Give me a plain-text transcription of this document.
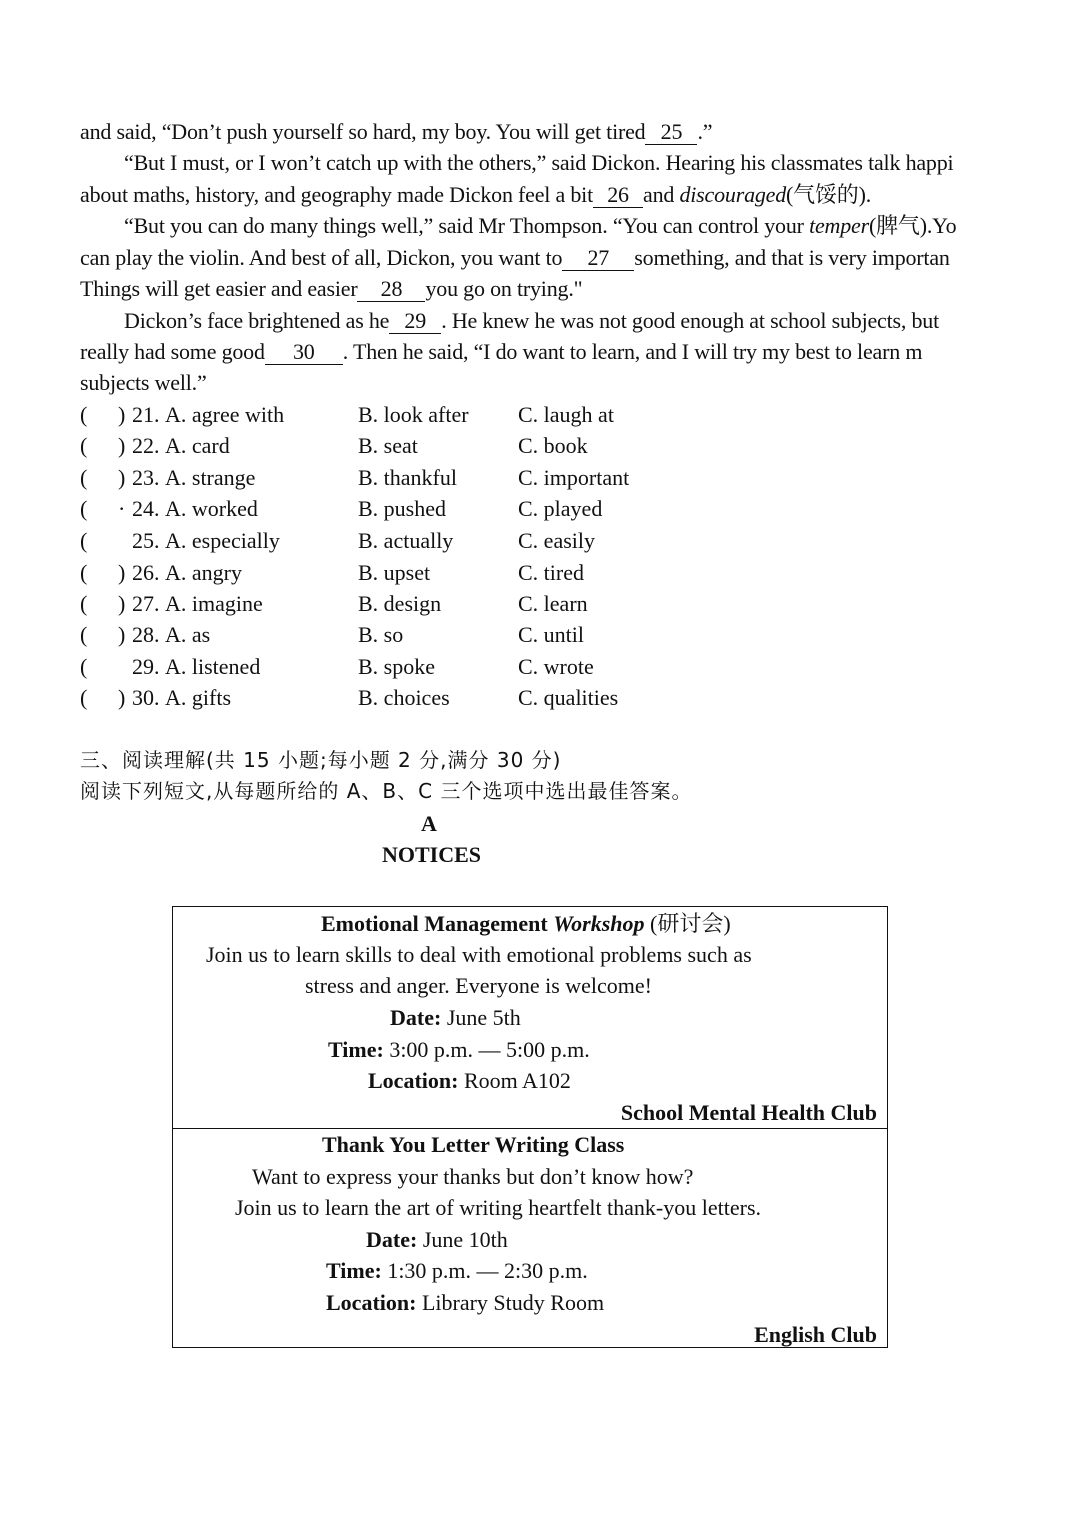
and said, “Don’t push yourself so hard, my boy. You will get tired 25 .”
“But I must, or I won’t catch up with the others,” said Dickon. Hearing his classmates talk happi
about maths, history, and geography made Dickon feel a bit 26 and discouraged(气馁的).
“But you can do many things well,” said Mr Thompson. “You can control your temper(脾气).Yo
can play the violin. And best of all, Dickon, you want to 27 something, and that is very importan
Things will get easier and easier 28 you go on trying."
Dickon’s face brightened as he 29 . He knew he was not good enough at school subjects, but
really had some good 30 . Then he said, “I do want to learn, and I will try my best to learn m
subjects well.”
( ) 21. A. agree with	B. look after C. laugh at
( ) 22. A. card	B. seat	C. book
( ) 23. A. strange	B. thankful	C. important
( · 24. A. worked	B. pushed	C. played
( 25. A. especially	B. actually	C. easily
( ) 26. A. angry	B. upset	C. tired
( ) 27. A. imagine	B. design	C. learn
( ) 28. A. as	B. so	C. until
( 29. A. listened	B. spoke	C. wrote
( ) 30. A. gifts	B. choices	C. qualities
三、阅读理解(共 15 小题;每小题 2 分,满分 30 分)
阅读下列短文,从每题所给的 A、B、C 三个选项中选出最佳答案。
A
NOTICES
Emotional Management Workshop (研讨会)
Join us to learn skills to deal with emotional problems such as
stress and anger. Everyone is welcome!
Date: June 5th
Time: 3:00 p.m. — 5:00 p.m.
Location: Room A102
School Mental Health Club
Thank You Letter Writing Class
Want to express your thanks but don’t know how?
Join us to learn the art of writing heartfelt thank-you letters.
Date: June 10th
Time: 1:30 p.m. — 2:30 p.m.
Location: Library Study Room
English Club
